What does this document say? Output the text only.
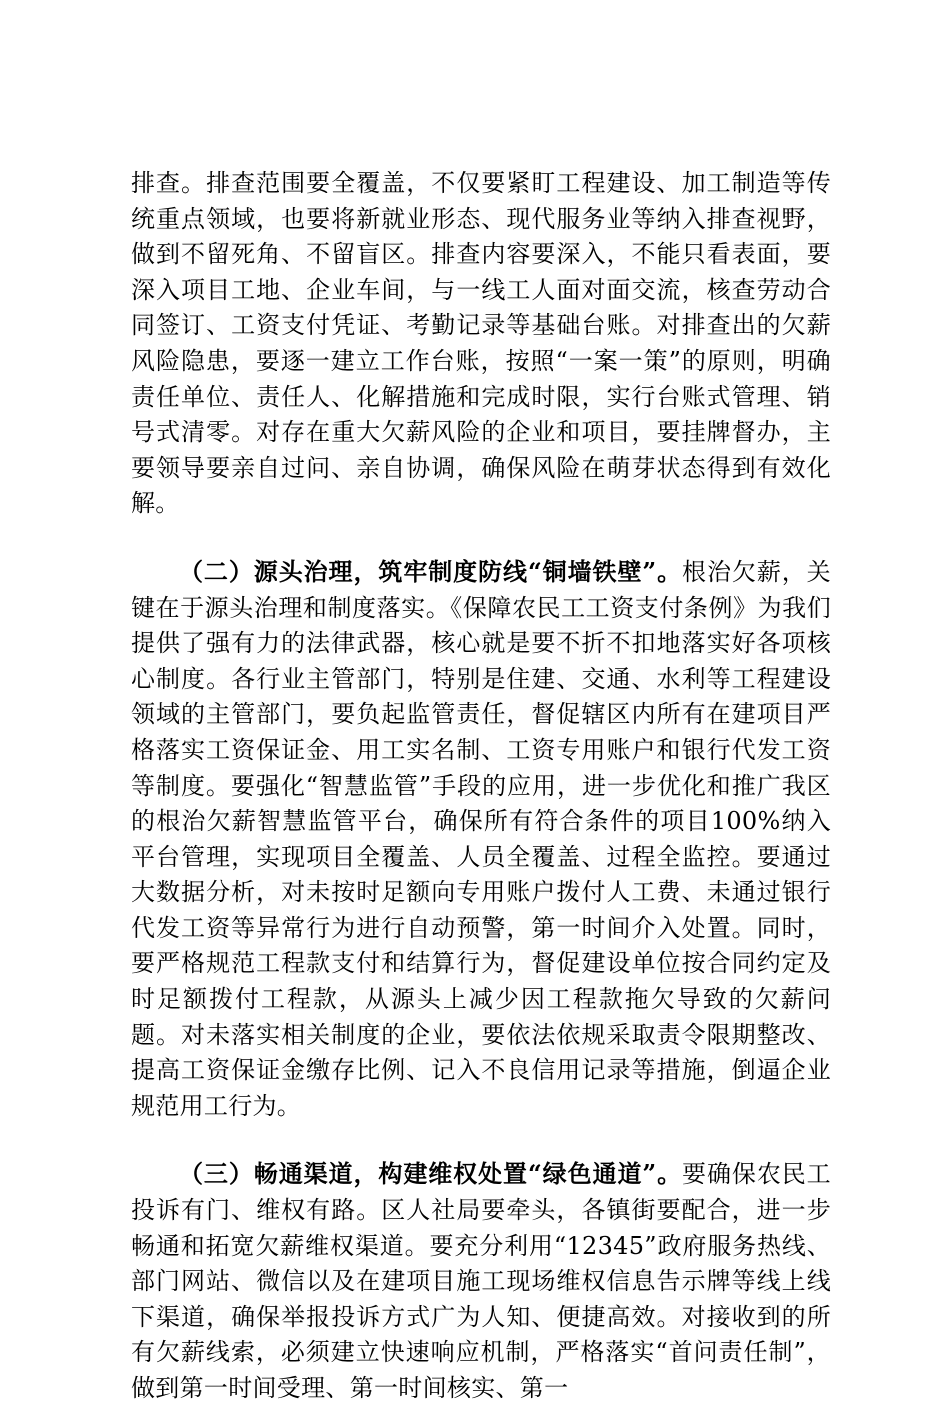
排查。排查范围要全覆盖，不仅要紧盯工程建设、加工制造等传统重点领域，也要将新就业形态、现代服务业等纳入排查视野，做到不留死角、不留盲区。排查内容要深入，不能只看表面，要深入项目工地、企业车间，与一线工人面对面交流，核查劳动合同签订、工资支付凭证、考勤记录等基础台账。对排查出的欠薪风险隐患，要逐一建立工作台账，按照“一案一策”的原则，明确责任单位、责任人、化解措施和完成时限，实行台账式管理、销号式清零。对存在重大欠薪风险的企业和项目，要挂牌督办，主要领导要亲自过问、亲自协调，确保风险在萌芽状态得到有效化解。

（二）源头治理，筑牢制度防线“铜墙铁壁”。根治欠薪，关键在于源头治理和制度落实。《保障农民工工资支付条例》为我们提供了强有力的法律武器，核心就是要不折不扣地落实好各项核心制度。各行业主管部门，特别是住建、交通、水利等工程建设领域的主管部门，要负起监管责任，督促辖区内所有在建项目严格落实工资保证金、用工实名制、工资专用账户和银行代发工资等制度。要强化“智慧监管”手段的应用，进一步优化和推广我区的根治欠薪智慧监管平台，确保所有符合条件的项目100%纳入平台管理，实现项目全覆盖、人员全覆盖、过程全监控。要通过大数据分析，对未按时足额向专用账户拨付人工费、未通过银行代发工资等异常行为进行自动预警，第一时间介入处置。同时，要严格规范工程款支付和结算行为，督促建设单位按合同约定及时足额拨付工程款，从源头上减少因工程款拖欠导致的欠薪问题。对未落实相关制度的企业，要依法依规采取责令限期整改、提高工资保证金缴存比例、记入不良信用记录等措施，倒逼企业规范用工行为。

（三）畅通渠道，构建维权处置“绿色通道”。要确保农民工投诉有门、维权有路。区人社局要牵头，各镇街要配合，进一步畅通和拓宽欠薪维权渠道。要充分利用“12345”政府服务热线、部门网站、微信以及在建项目施工现场维权信息告示牌等线上线下渠道，确保举报投诉方式广为人知、便捷高效。对接收到的所有欠薪线索，必须建立快速响应机制，严格落实“首问责任制”，做到第一时间受理、第一时间核实、第一
